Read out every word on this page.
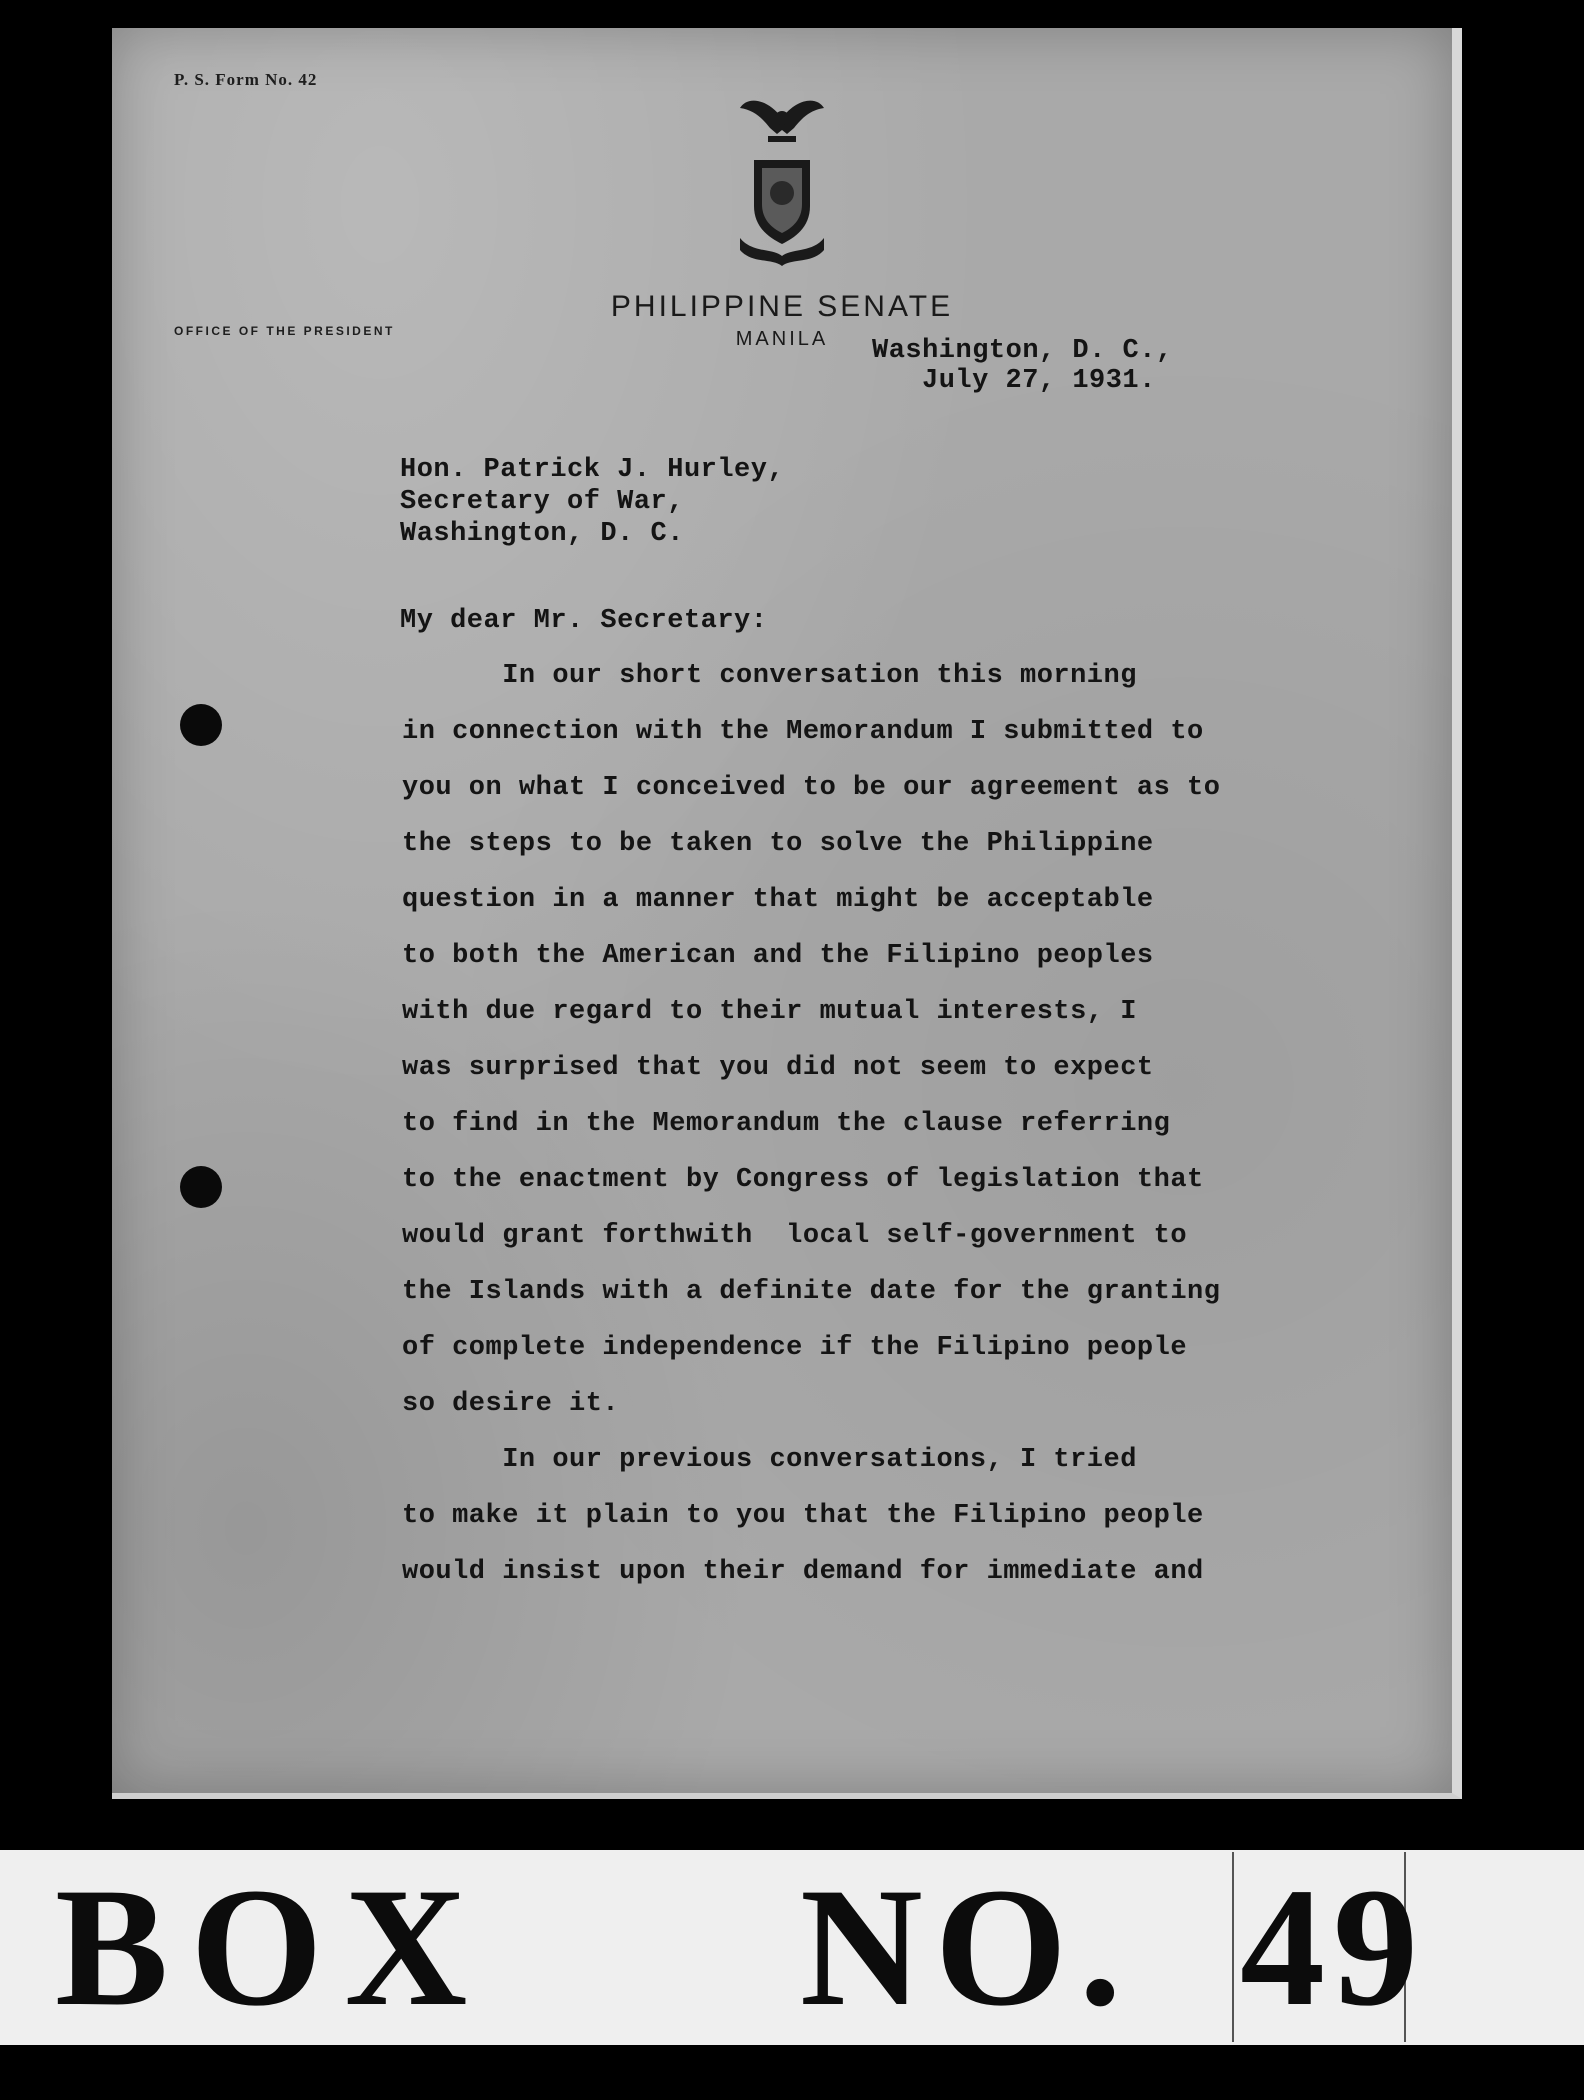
P. S. Form No. 42
OFFICE OF THE PRESIDENT
PHILIPPINE SENATE
MANILA	Washington, D. C.,
July 27, 1931.
Hon. Patrick J. Hurley,
Secretary of War,
Washington, D. C.
My dear Mr. Secretary:
In our short conversation this morning
in connection with the Memorandum I submitted to
you on what I conceived to be our agreement as to
the steps to be taken to solve the Philippine
question in a manner that might be acceptable
to both the American and the Filipino peoples
with due regard to their mutual interests, I
was surprised that you did not seem to expect
to find in the Memorandum the clause referring
to the enactment by Congress of legislation that
would grant forthwith  local self-government to
the Islands with a definite date for the granting
of complete independence if the Filipino people
so desire it.
In our previous conversations, I tried
to make it plain to you that the Filipino people
would insist upon their demand for immediate and
BOX NO. 49
